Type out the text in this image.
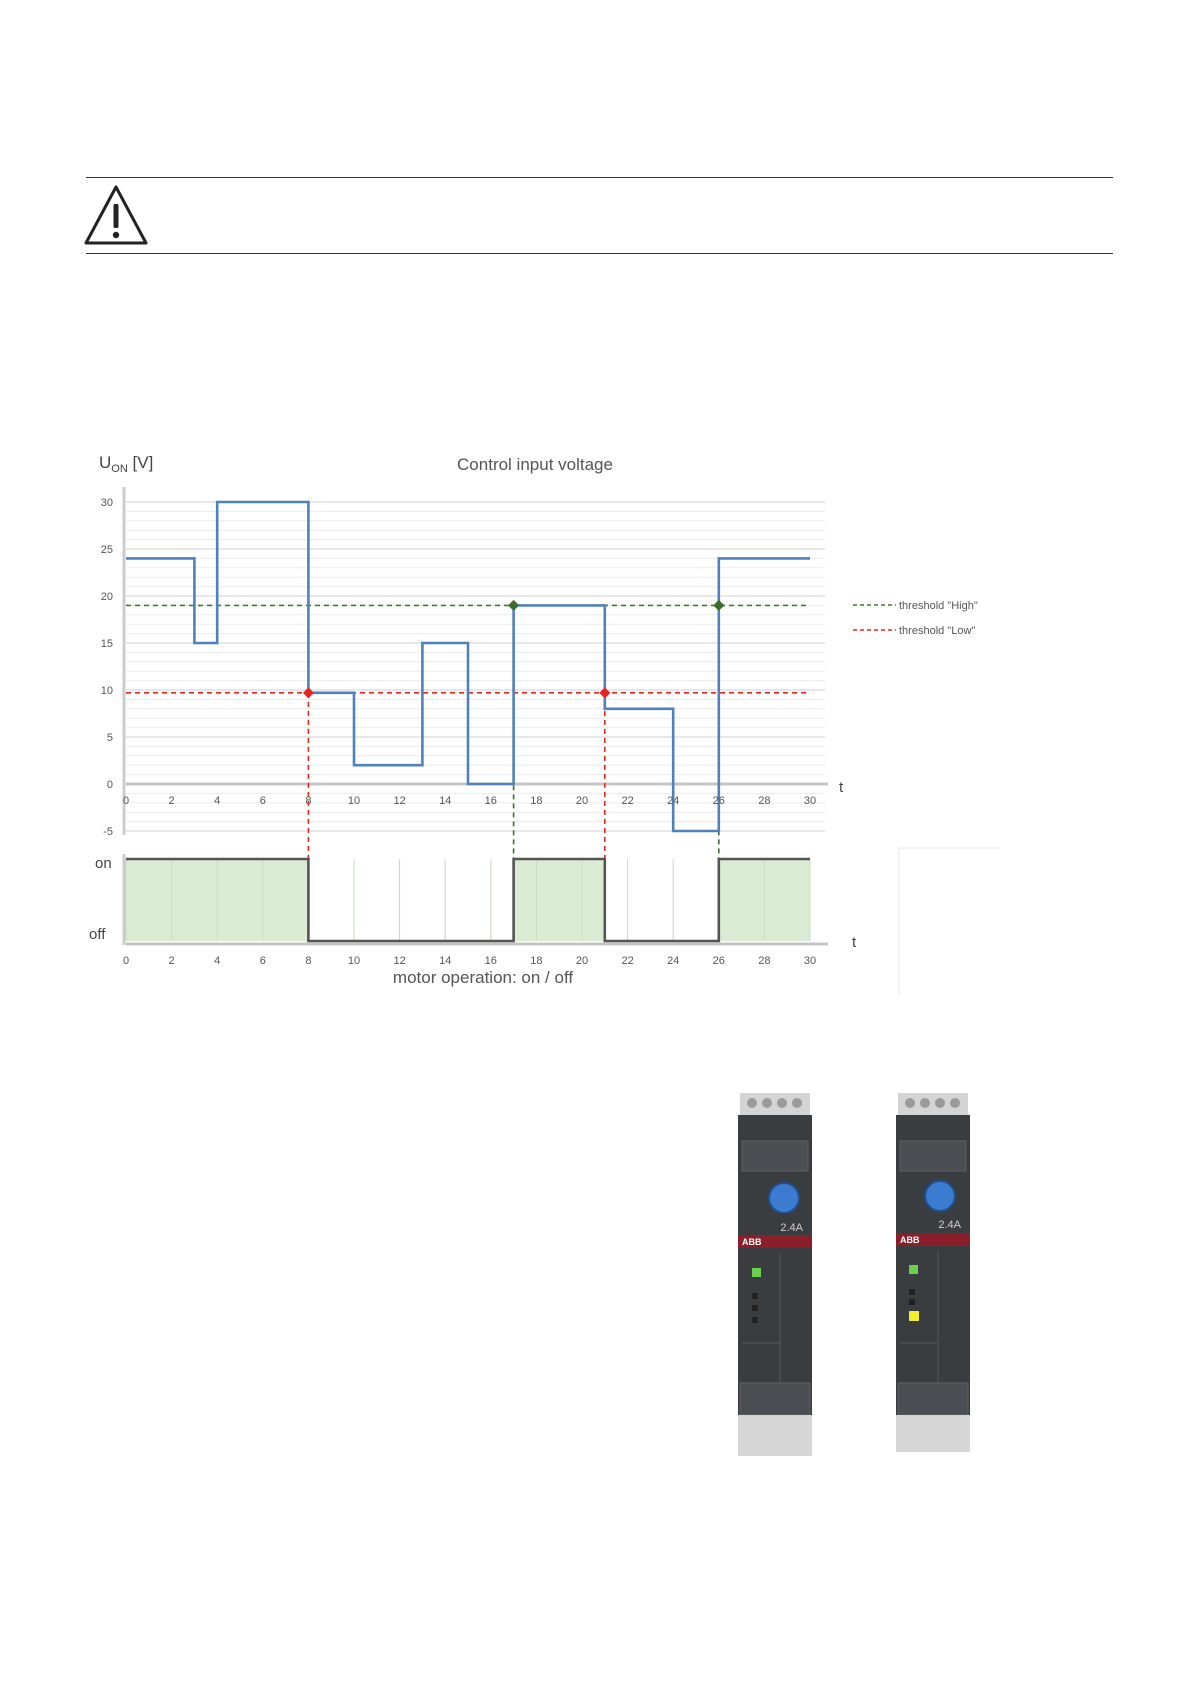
$U_{ON}$ [V]	Control input voltage
t
t
motor operation: on / off
on
off
30
25
20
15
10
5
0
-5
0	2	4	6	8	10	12	14	16	18	20	22	24	26	28	30
0	2	4	6	8	10	12	14	16	18	20	22	24	26	28	30
threshold "High"
threshold "Low"
2.4A
ABB
2.4A
ABB
